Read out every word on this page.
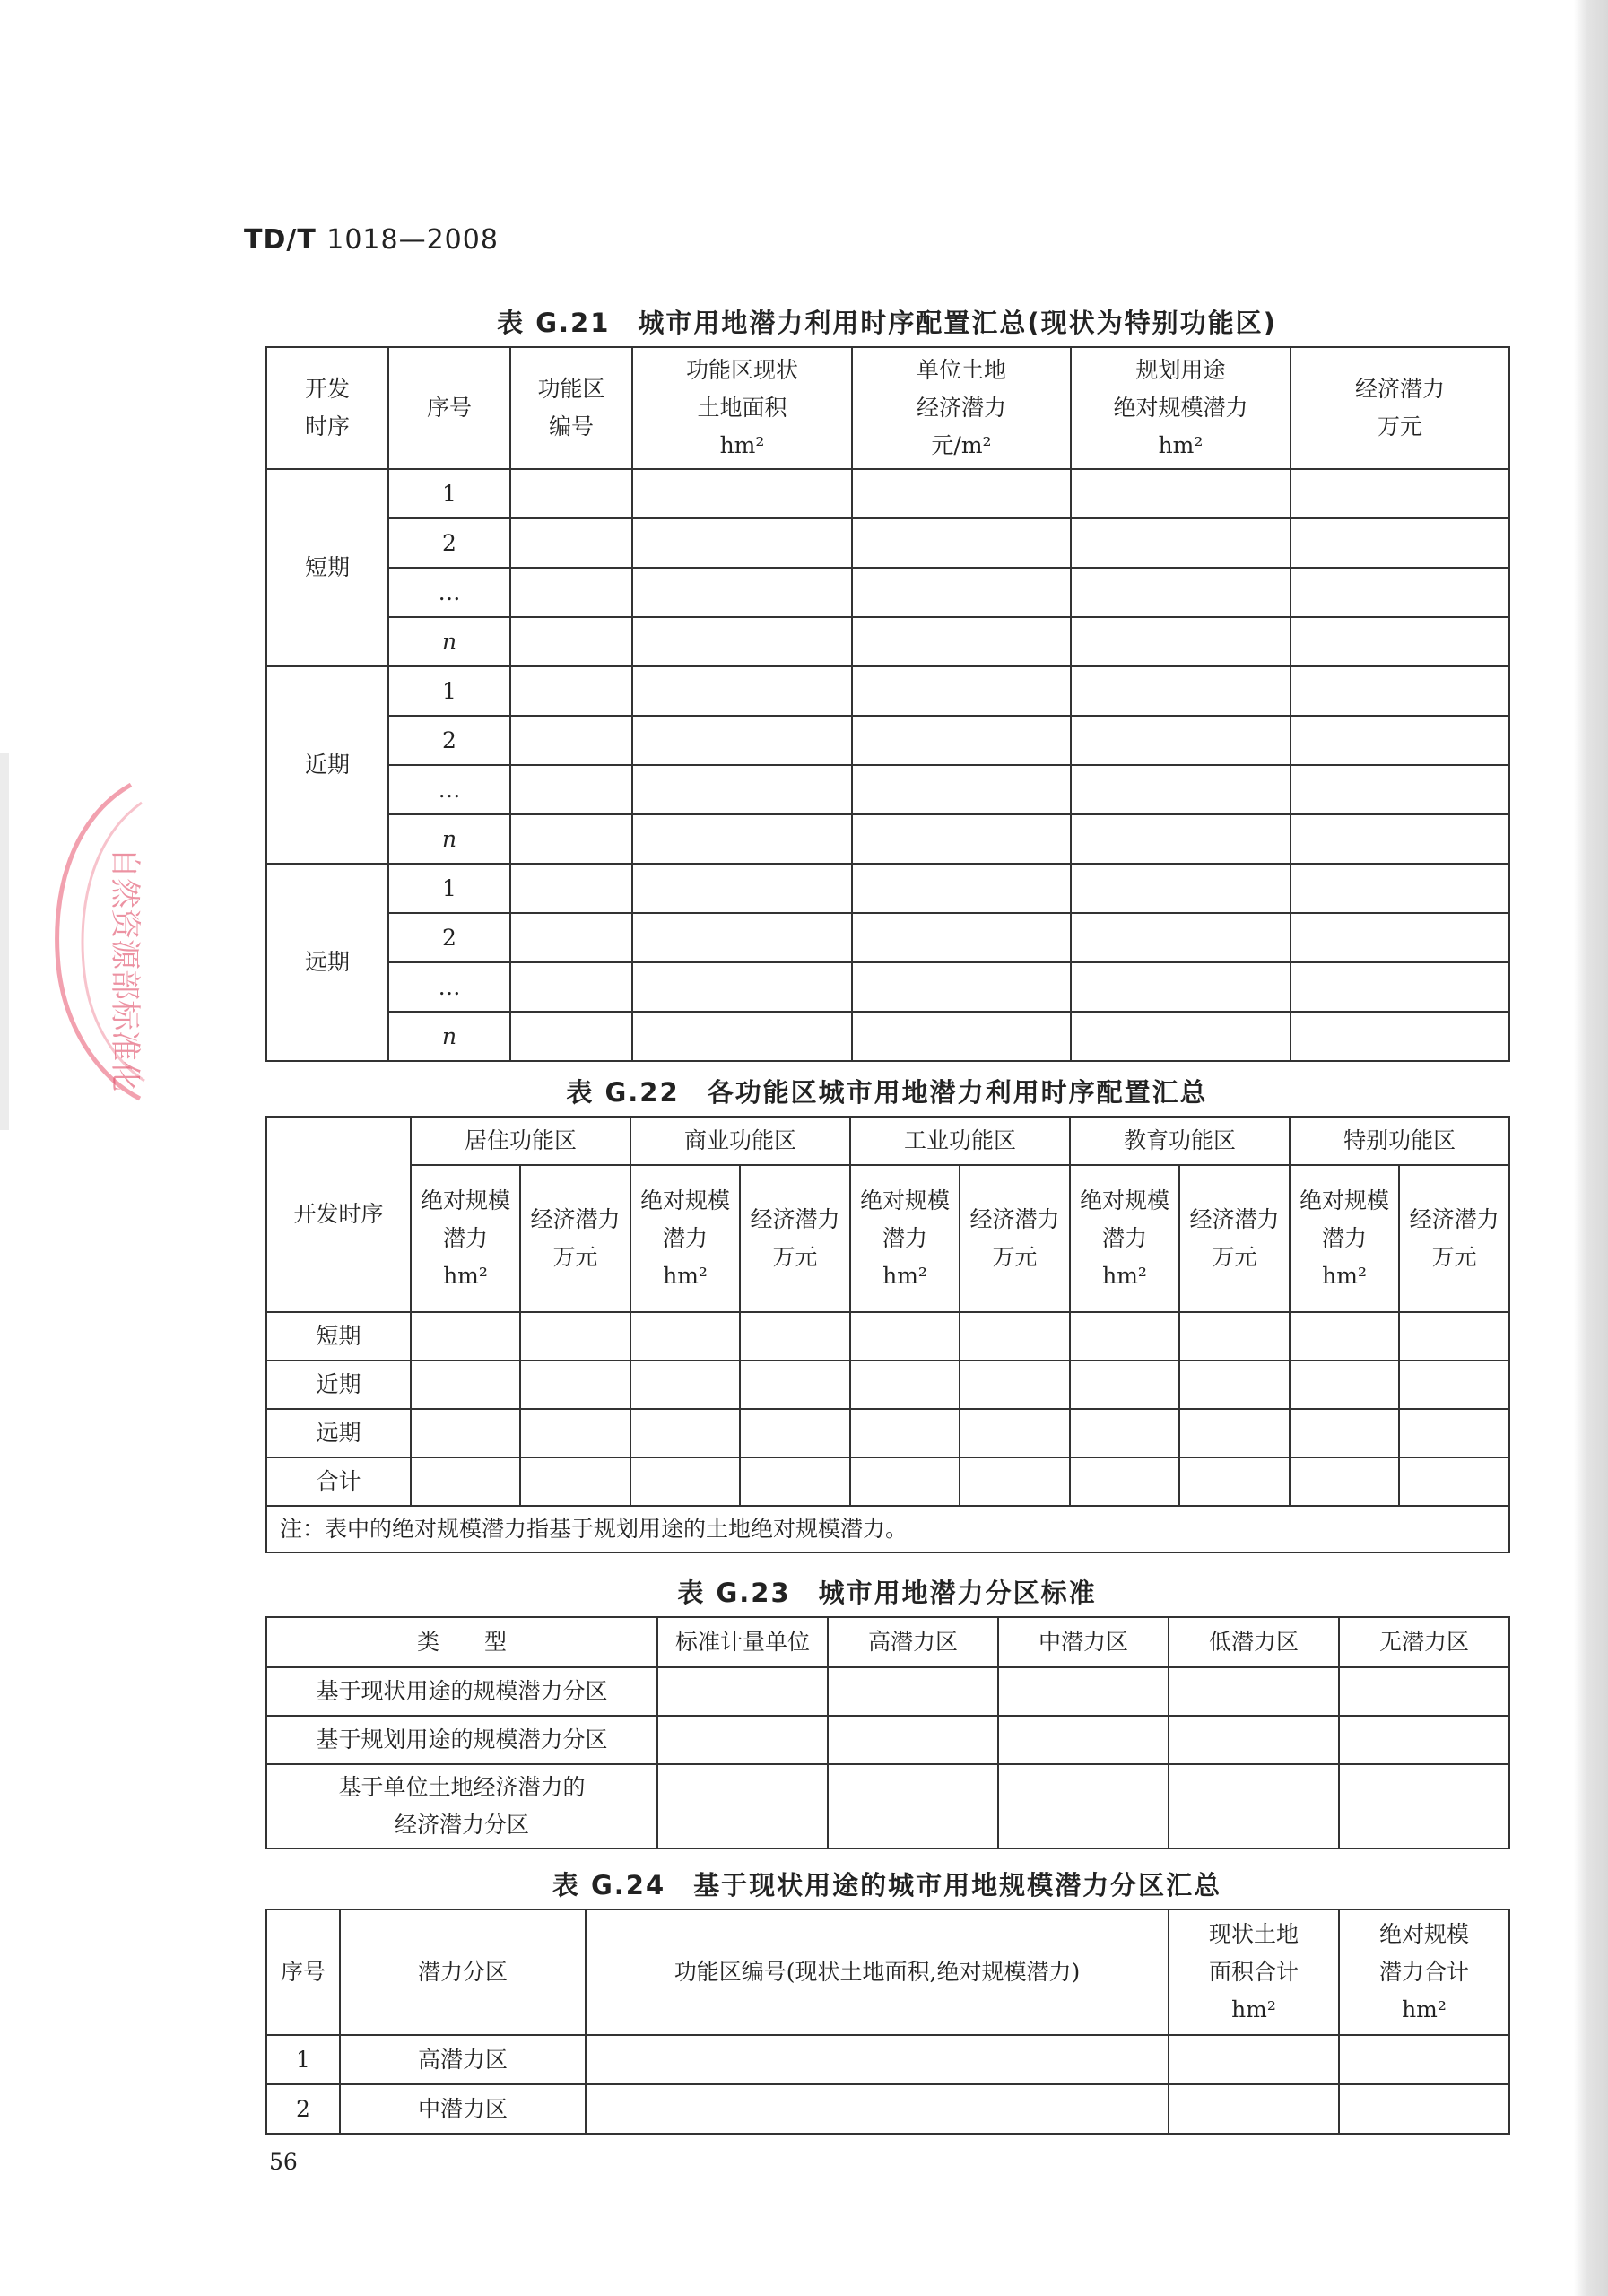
TD/T 1018—2008
表 G.21　城市用地潜力利用时序配置汇总(现状为特别功能区)
开发
时序	序号	功能区
编号	功能区现状
土地面积
hm²	单位土地
经济潜力
元/m²	规划用途
绝对规模潜力
hm²	经济潜力
万元
短期	1					
	2					
	…					
	n					
近期	1					
	2					
	…					
	n					
远期	1					
	2					
	…					
	n					
表 G.22　各功能区城市用地潜力利用时序配置汇总
开发时序	居住功能区		商业功能区		工业功能区		教育功能区		特别功能区	
	绝对规模
潜力
hm²	经济潜力
万元	绝对规模
潜力
hm²	经济潜力
万元	绝对规模
潜力
hm²	经济潜力
万元	绝对规模
潜力
hm²	经济潜力
万元	绝对规模
潜力
hm²	经济潜力
万元
短期										
近期										
远期										
合计										
注：表中的绝对规模潜力指基于规划用途的土地绝对规模潜力。										
表 G.23　城市用地潜力分区标准
类　　型	标准计量单位	高潜力区	中潜力区	低潜力区	无潜力区
基于现状用途的规模潜力分区					
基于规划用途的规模潜力分区					
基于单位土地经济潜力的
经济潜力分区					
表 G.24　基于现状用途的城市用地规模潜力分区汇总
序号	潜力分区	功能区编号(现状土地面积,绝对规模潜力)	现状土地
面积合计
hm²	绝对规模
潜力合计
hm²
1	高潜力区			
2	中潜力区			
自然资源部标准化
56
